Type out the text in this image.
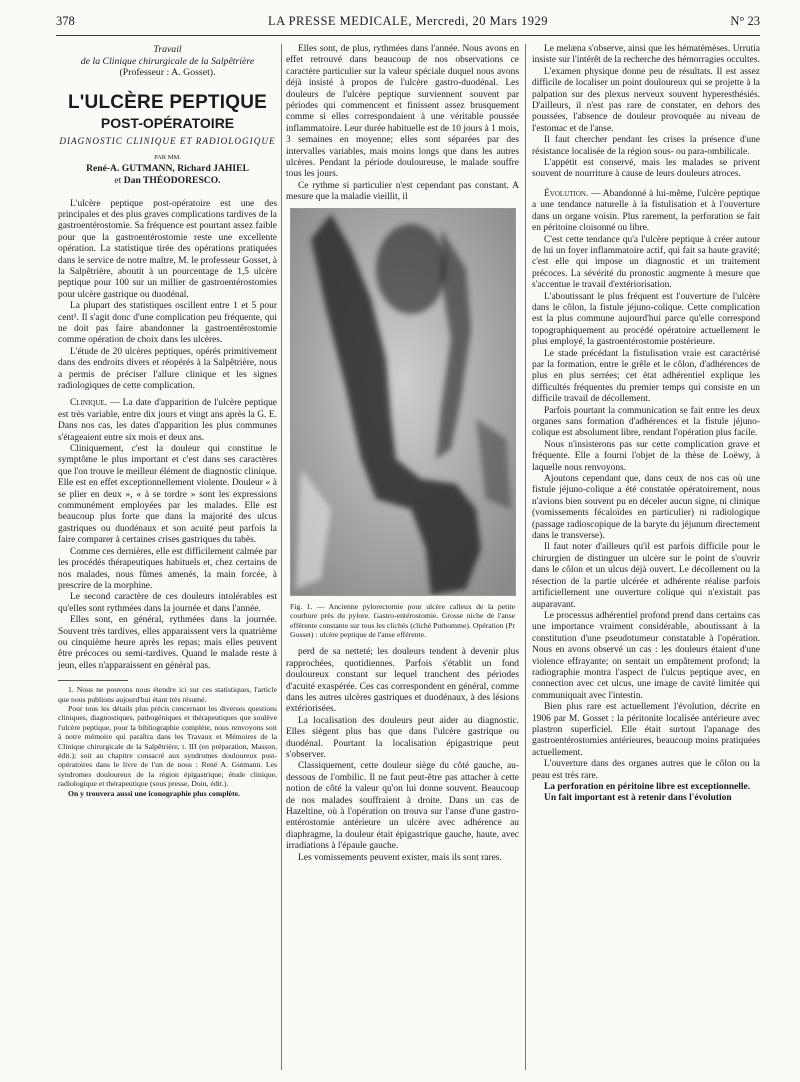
378	LA PRESSE MEDICALE, Mercredi, 20 Mars 1929	N° 23
Travail
de la Clinique chirurgicale de la Salpêtrière
(Professeur : A. Gosset).
L'ULCÈRE PEPTIQUE
POST-OPÉRATOIRE
DIAGNOSTIC CLINIQUE ET RADIOLOGIQUE
PAR MM.
René-A. GUTMANN, Richard JAHIEL
et Dan THÉODORESCO.

L'ulcère peptique post-opératoire est une des principales et des plus graves complications tardives de la gastroentérostomie. Sa fréquence est pourtant assez faible pour que la gastroentérostomie reste une excellente opération. La statistique tirée des opérations pratiquées dans le service de notre maître, M. le professeur Gosset, à la Salpêtrière, aboutit à un pourcentage de 1,5 ulcère peptique pour 100 sur un millier de gastroentérostomies pour ulcère gastrique ou duodénal.

La plupart des statistiques oscillent entre 1 et 5 pour cent¹. Il s'agit donc d'une complication peu fréquente, qui ne doit pas faire abandonner la gastroentérostomie comme opération de choix dans les ulcères.

L'étude de 20 ulcères peptiques, opérés primitivement dans des endroits divers et réopérés à la Salpêtrière, nous a permis de préciser l'allure clinique et les signes radiologiques de cette complication.

Clinique. — La date d'apparition de l'ulcère peptique est très variable, entre dix jours et vingt ans après la G. E. Dans nos cas, les dates d'apparition les plus communes s'étageaient entre six mois et deux ans.

Cliniquement, c'est la douleur qui constitue le symptôme le plus important et c'est dans ses caractères que l'on trouve le meilleur élément de diagnostic clinique. Elle est en effet exceptionnellement violente. Douleur « à se plier en deux », « à se tordre » sont les expressions communément employées par les malades. Elle est beaucoup plus forte que dans la majorité des ulcus gastriques ou duodénaux et son acuité peut parfois la faire comparer à certaines crises gastriques du tabès.

Comme ces dernières, elle est difficilement calmée par les procédés thérapeutiques habituels et, chez certains de nos malades, nous fûmes amenés, la main forcée, à prescrire de la morphine.

Le second caractère de ces douleurs intolérables est qu'elles sont rythmées dans la journée et dans l'année.

Elles sont, en général, rythmées dans la journée. Souvent très tardives, elles apparaissent vers la quatrième ou cinquième heure après les repas; mais elles peuvent être précoces ou semi-tardives. Quand le malade reste à jeun, elles n'apparaissent en général pas.

1. Nous ne pouvons nous étendre ici sur ces statistiques, l'article que nous publions aujourd'hui étant très résumé.

Pour tous les détails plus précis concernant les diverses questions cliniques, diagnostiques, pathogéniques et thérapeutiques que soulève l'ulcère peptique, pour la bibliographie complète, nous renvoyons soit à notre mémoire qui paraîtra dans les Travaux et Mémoires de la Clinique chirurgicale de la Salpêtrière, t. III (en préparation, Masson, édit.); soit au chapitre consacré aux syndromes douloureux post-opératoires dans le livre de l'un de nous : René A. Gutmann. Les syndromes douloureux de la région épigastrique; étude clinique, radiologique et thérapeutique (sous presse, Doin, édit.).

On y trouvera aussi une iconographie plus complète.

Elles sont, de plus, rythmées dans l'année. Nous avons en effet retrouvé dans beaucoup de nos observations ce caractère particulier sur la valeur spéciale duquel nous avons déjà insisté à propos de l'ulcère gastro-duodénal. Les douleurs de l'ulcère peptique surviennent souvent par périodes qui commencent et finissent assez brusquement comme si elles correspondaient à une véritable poussée inflammatoire. Leur durée habituelle est de 10 jours à 1 mois, 3 semaines en moyenne; elles sont séparées par des intervalles variables, mais moins longs que dans les autres ulcères. Pendant la période douloureuse, le malade souffre tous les jours.

Ce rythme si particulier n'est cependant pas constant. A mesure que la maladie vieillit, il

Fig. 1. — Ancienne pylorectomie pour ulcère calleux de la petite courbure près du pylore. Gastro-entérostomie. Grosse niche de l'anse efférente constante sur tous les clichés (cliché Puthomme). Opération (Pr Gosset) : ulcère peptique de l'anse efférente.

perd de sa netteté; les douleurs tendent à devenir plus rapprochées, quotidiennes. Parfois s'établit un fond douloureux constant sur lequel tranchent des périodes d'acuité exaspérée. Ces cas correspondent en général, comme dans les autres ulcères gastriques et duodénaux, à des lésions extériorisées.

La localisation des douleurs peut aider au diagnostic. Elles siègent plus bas que dans l'ulcère gastrique ou duodénal. Pourtant la localisation épigastrique peut s'observer.

Classiquement, cette douleur siège du côté gauche, au-dessous de l'ombilic. Il ne faut peut-être pas attacher à cette notion de côté la valeur qu'on lui donne souvent. Beaucoup de nos malades souffraient à droite. Dans un cas de Hazeltine, où à l'opération on trouva sur l'anse d'une gastro-entérostomie antérieure un ulcère avec adhérence au diaphragme, la douleur était épigastrique gauche, haute, avec irradiations à l'épaule gauche.

Les vomissements peuvent exister, mais ils sont rares.

Le melæna s'observe, ainsi que les hématémèses. Urrutia insiste sur l'intérêt de la recherche des hémorragies occultes.

L'examen physique donne peu de résultats. Il est assez difficile de localiser un point douloureux qui se projette à la palpation sur des plexus nerveux souvent hyperesthésiés. D'ailleurs, il n'est pas rare de constater, en dehors des poussées, l'absence de douleur provoquée au niveau de l'estomac et de l'anse.

Il faut chercher pendant les crises la présence d'une résistance localisée de la région sous- ou para-ombilicale.

L'appétit est conservé, mais les malades se privent souvent de nourriture à cause de leurs douleurs atroces.

Évolution. — Abandonné à lui-même, l'ulcère peptique a une tendance naturelle à la fistulisation et à l'ouverture dans un organe voisin. Plus rarement, la perforation se fait en péritoine cloisonné ou libre.

C'est cette tendance qu'a l'ulcère peptique à créer autour de lui un foyer inflammatoire actif, qui fait sa haute gravité; c'est elle qui impose un diagnostic et un traitement précoces. La sévérité du pronostic augmente à mesure que s'accentue le travail d'extériorisation.

L'aboutissant le plus fréquent est l'ouverture de l'ulcère dans le côlon, la fistule jéjuno-colique. Cette complication est la plus commune aujourd'hui parce qu'elle correspond topographiquement au procédé opératoire actuellement le plus employé, la gastroentérostomie postérieure.

Le stade précédant la fistulisation vraie est caractérisé par la formation, entre le grêle et le côlon, d'adhérences de plus en plus serrées; cet état adhérentiel explique les difficultés fréquentes du premier temps qui consiste en un difficile travail de décollement.

Parfois pourtant la communication se fait entre les deux organes sans formation d'adhérences et la fistule jéjuno-colique est absolument libre, rendant l'opération plus facile.

Nous n'insisterons pas sur cette complication grave et fréquente. Elle a fourni l'objet de la thèse de Loëwy, à laquelle nous renvoyons.

Ajoutons cependant que, dans ceux de nos cas où une fistule jéjuno-colique a été constatée opératoirement, nous n'avions bien souvent pu en déceler aucun signe, ni clinique (vomissements fécaloïdes en particulier) ni radiologique (passage radioscopique de la baryte du jéjunum directement dans le transverse).

Il faut noter d'ailleurs qu'il est parfois difficile pour le chirurgien de distinguer un ulcère sur le point de s'ouvrir dans le côlon et un ulcus déjà ouvert. Le décollement ou la résection de la partie ulcérée et adhérente réalise parfois artificiellement une ouverture colique qui n'existait pas auparavant.

Le processus adhérentiel profond prend dans certains cas une importance vraiment considérable, aboutissant à la constitution d'une pseudotumeur constatable à l'opération. Nous en avons observé un cas : les douleurs étaient d'une violence effrayante; on sentait un empâtement profond; la radiographie montra l'aspect de l'ulcus peptique avec, en connection avec cet ulcus, une image de cavité limitée qui communiquait avec l'intestin.

Bien plus rare est actuellement l'évolution, décrite en 1906 par M. Gosset : la péritonite localisée antérieure avec plastron superficiel. Elle était surtout l'apanage des gastroentérostomies antérieures, beaucoup moins pratiquées actuellement.

L'ouverture dans des organes autres que le côlon ou la peau est très rare.

La perforation en péritoine libre est exceptionnelle.

Un fait important est à retenir dans l'évolution
